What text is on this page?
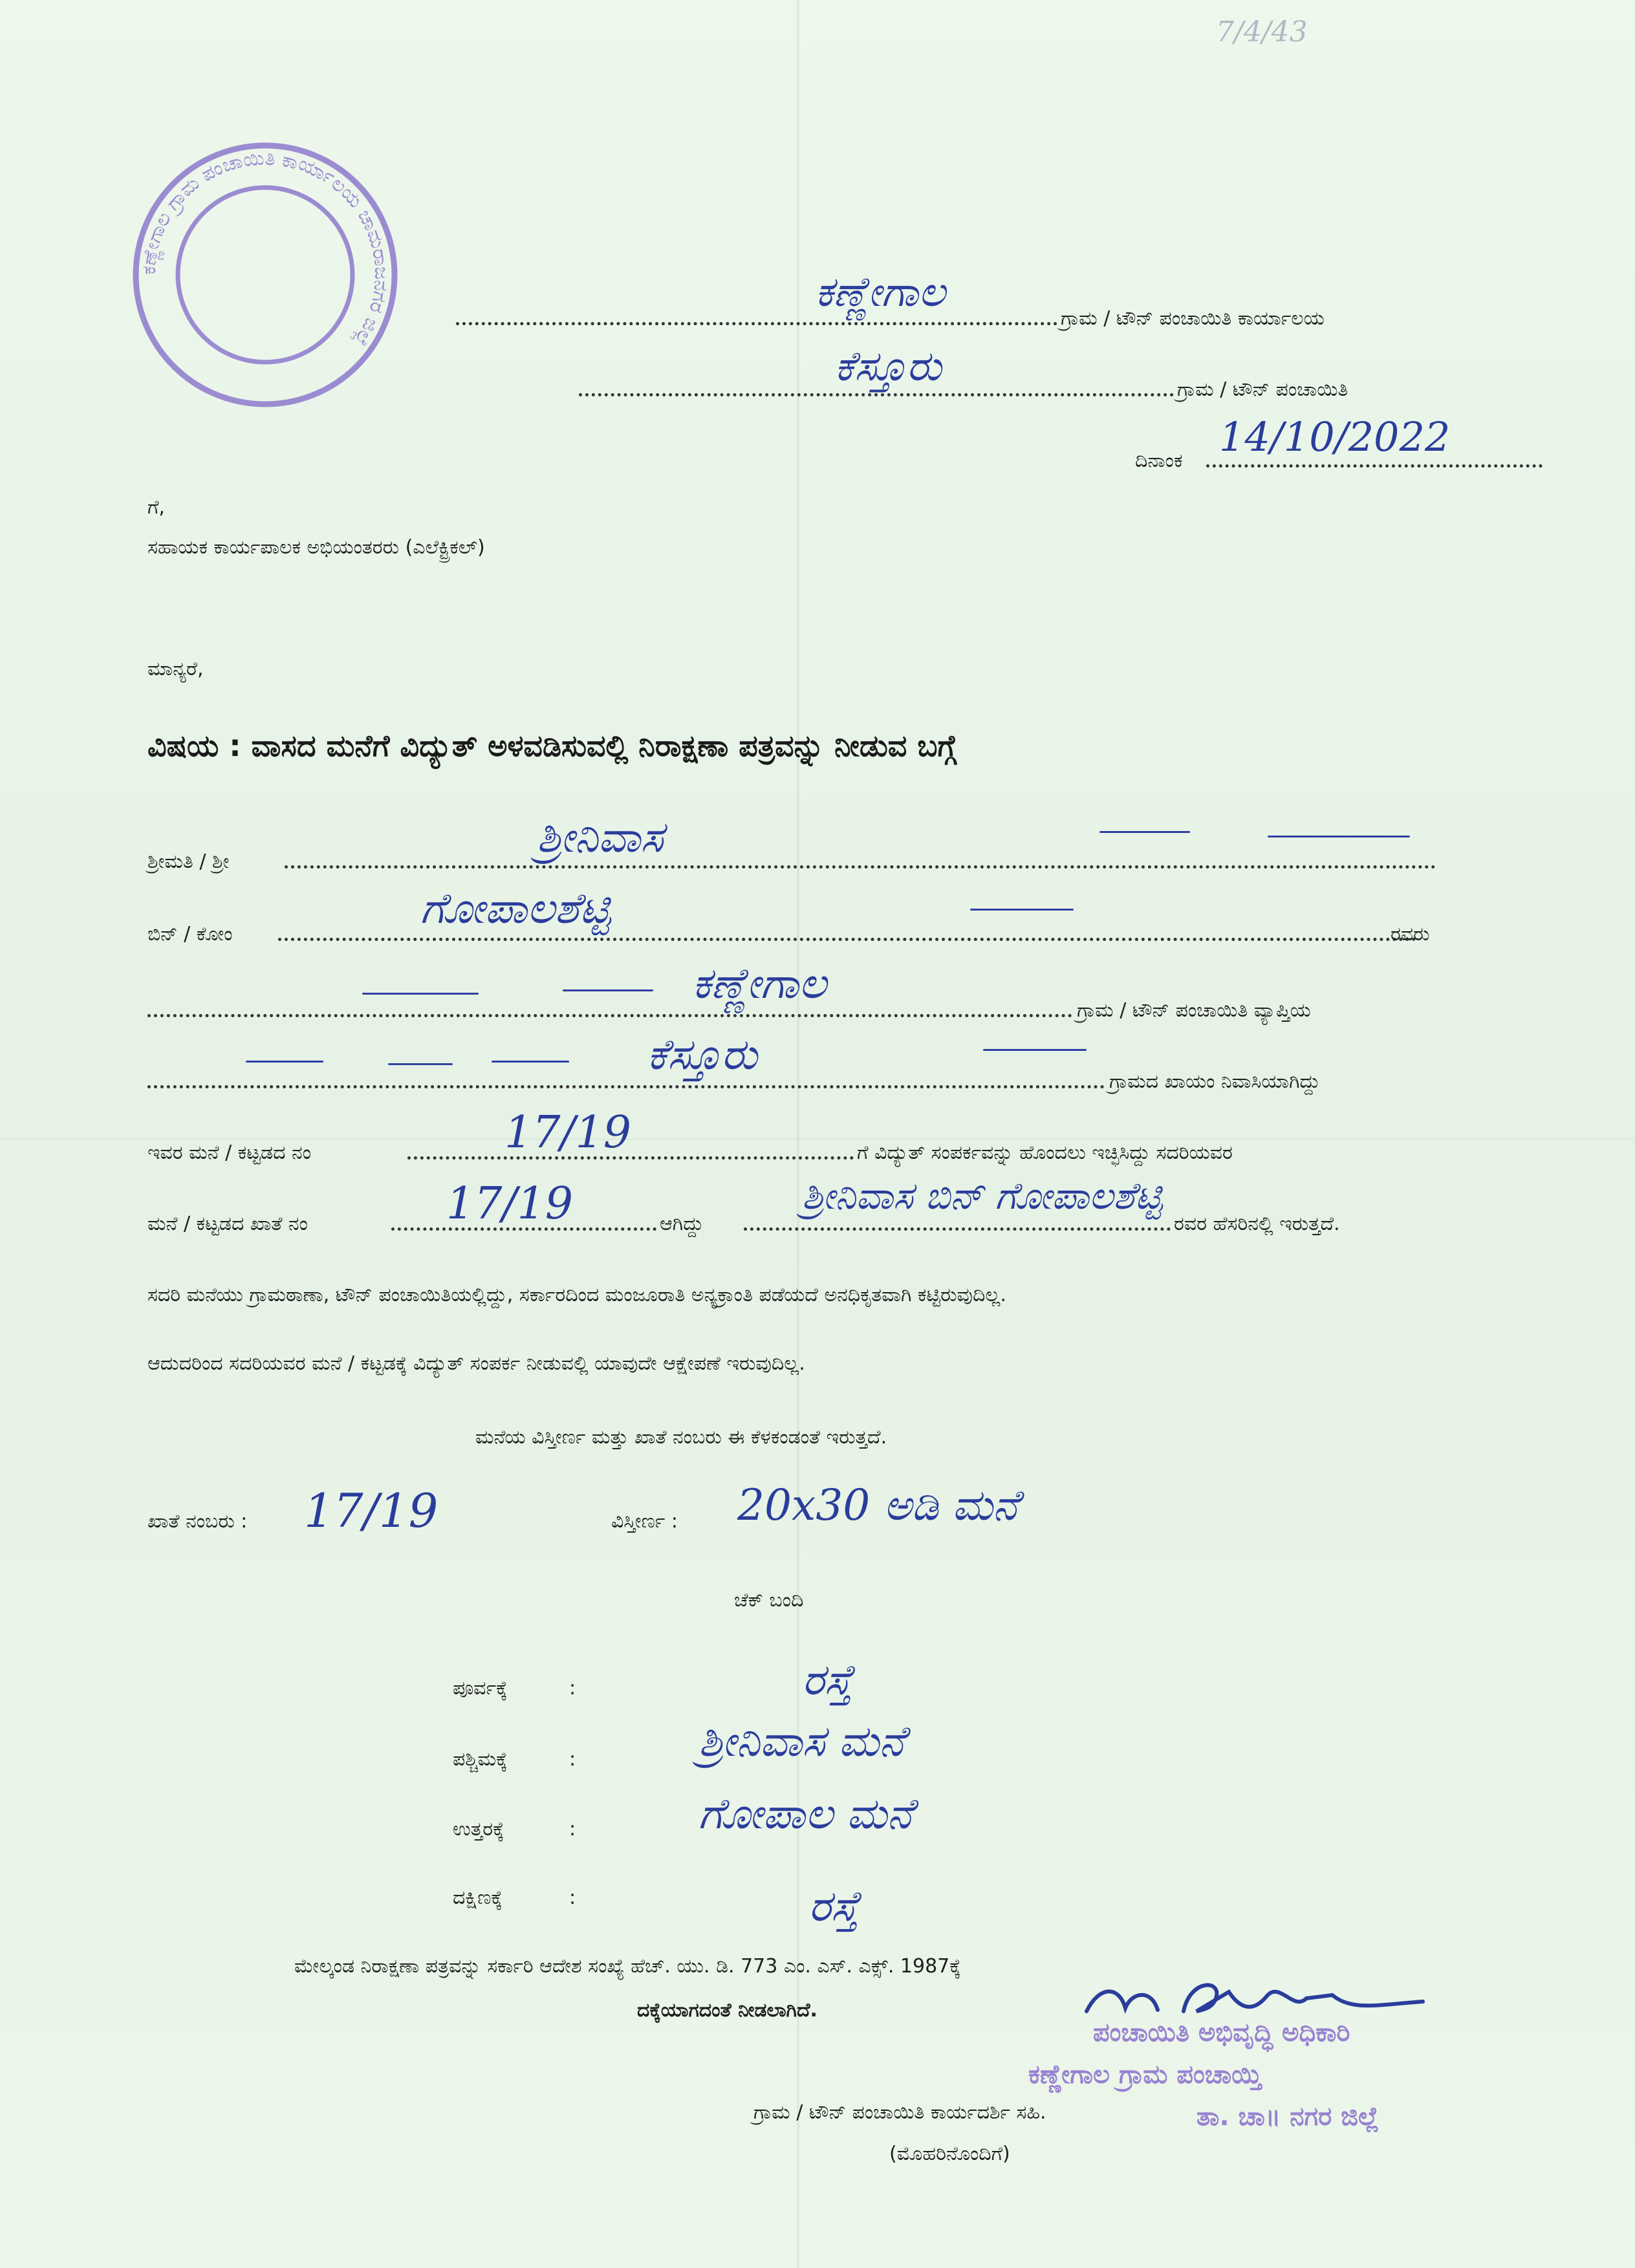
7/4/43
ಕಣ್ಣೇಗಾಲ ಗ್ರಾಮ ಪಂಚಾಯಿತಿ ಕಾರ್ಯಾಲಯ ಚಾಮರಾಜನಗರ ಜಿಲ್ಲೆ
ಕಣ್ಣೇಗಾಲ
ಗ್ರಾಮ / ಟೌನ್ ಪಂಚಾಯಿತಿ ಕಾರ್ಯಾಲಯ
ಕೆಸ್ತೂರು	ಗ್ರಾಮ / ಟೌನ್ ಪಂಚಾಯಿತಿ
ದಿನಾಂಕ
14/10/2022
ಗೆ,
ಸಹಾಯಕ ಕಾರ್ಯಪಾಲಕ ಅಭಿಯಂತರರು (ಎಲೆಕ್ಟ್ರಿಕಲ್)
ಮಾನ್ಯರೆ,
ವಿಷಯ : ವಾಸದ ಮನೆಗೆ ವಿದ್ಯುತ್ ಅಳವಡಿಸುವಲ್ಲಿ ನಿರಾಕ್ಷಣಾ ಪತ್ರವನ್ನು ನೀಡುವ ಬಗ್ಗೆ
ಶ್ರೀಮತಿ / ಶ್ರೀ	ಶ್ರೀನಿವಾಸ
ಬಿನ್ / ಕೋಂ
ಗೋಪಾಲಶೆಟ್ಟಿ
ರವರು
ಕಣ್ಣೇಗಾಲ
ಗ್ರಾಮ / ಟೌನ್ ಪಂಚಾಯಿತಿ ವ್ಯಾಪ್ತಿಯ
ಕೆಸ್ತೂರು
ಗ್ರಾಮದ ಖಾಯಂ ನಿವಾಸಿಯಾಗಿದ್ದು
ಇವರ ಮನೆ / ಕಟ್ಟಡದ ನಂ	17/19	ಗೆ ವಿದ್ಯುತ್ ಸಂಪರ್ಕವನ್ನು ಹೊಂದಲು ಇಚ್ಛಿಸಿದ್ದು ಸದರಿಯವರ
ಮನೆ / ಕಟ್ಟಡದ ಖಾತೆ ನಂ	17/19	ಆಗಿದ್ದು
ಶ್ರೀನಿವಾಸ ಬಿನ್ ಗೋಪಾಲಶೆಟ್ಟಿ
ರವರ ಹೆಸರಿನಲ್ಲಿ ಇರುತ್ತದೆ.
ಸದರಿ ಮನೆಯು ಗ್ರಾಮಠಾಣಾ, ಟೌನ್ ಪಂಚಾಯಿತಿಯಲ್ಲಿದ್ದು, ಸರ್ಕಾರದಿಂದ ಮಂಜೂರಾತಿ ಅನ್ಯಕ್ರಾಂತಿ ಪಡೆಯದೆ ಅನಧಿಕೃತವಾಗಿ ಕಟ್ಟಿರುವುದಿಲ್ಲ.
ಆದುದರಿಂದ ಸದರಿಯವರ ಮನೆ / ಕಟ್ಟಡಕ್ಕೆ ವಿದ್ಯುತ್ ಸಂಪರ್ಕ ನೀಡುವಲ್ಲಿ ಯಾವುದೇ ಆಕ್ಷೇಪಣೆ ಇರುವುದಿಲ್ಲ.
ಮನೆಯ ವಿಸ್ತೀರ್ಣ ಮತ್ತು ಖಾತೆ ನಂಬರು ಈ ಕೆಳಕಂಡಂತೆ ಇರುತ್ತದೆ.
ಖಾತೆ ನಂಬರು : 17/19	ವಿಸ್ತೀರ್ಣ : 20x30 ಅಡಿ ಮನೆ
ಚೆಕ್ ಬಂದಿ
ಪೂರ್ವಕ್ಕೆ	:	ರಸ್ತೆ
ಪಶ್ಚಿಮಕ್ಕೆ	:	ಶ್ರೀನಿವಾಸ ಮನೆ
ಉತ್ತರಕ್ಕೆ	:	ಗೋಪಾಲ ಮನೆ
ದಕ್ಷಿಣಕ್ಕೆ	:	ರಸ್ತೆ
ಮೇಲ್ಕಂಡ ನಿರಾಕ್ಷಣಾ ಪತ್ರವನ್ನು ಸರ್ಕಾರಿ ಆದೇಶ ಸಂಖ್ಯೆ ಹೆಚ್. ಯು. ಡಿ. 773 ಎಂ. ಎಸ್. ಎಕ್ಸ್. 1987ಕ್ಕೆ
ದಕ್ಕೆಯಾಗದಂತೆ ನೀಡಲಾಗಿದೆ.
ಪಂಚಾಯಿತಿ ಅಭಿವೃದ್ಧಿ ಅಧಿಕಾರಿ
ಕಣ್ಣೇಗಾಲ ಗ್ರಾಮ ಪಂಚಾಯ್ತಿ
ತಾ. ಚಾ॥ ನಗರ ಜಿಲ್ಲೆ
ಗ್ರಾಮ / ಟೌನ್ ಪಂಚಾಯಿತಿ ಕಾರ್ಯದರ್ಶಿ ಸಹಿ.
(ಮೊಹರಿನೊಂದಿಗೆ)
